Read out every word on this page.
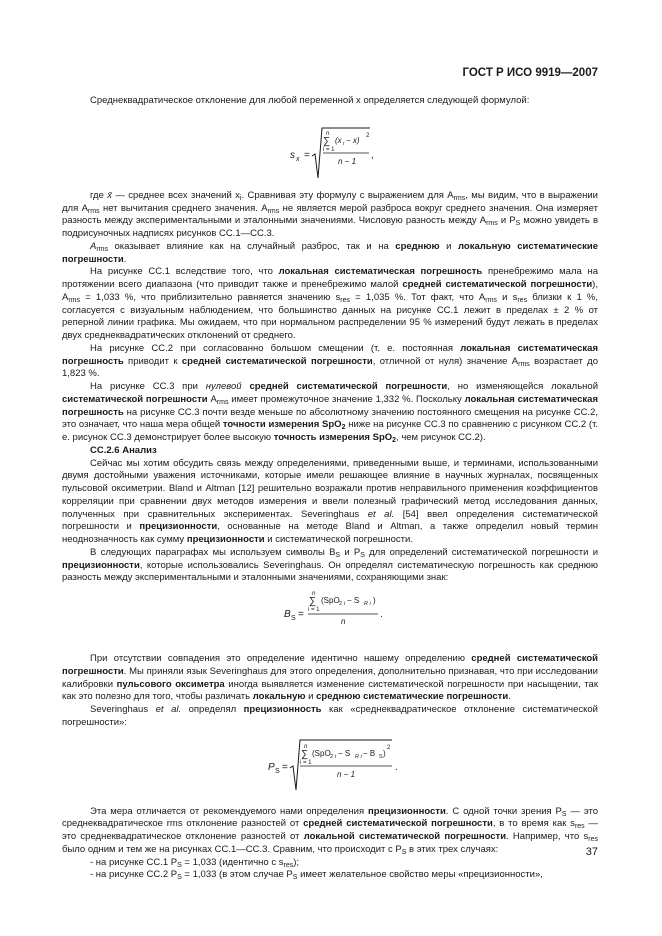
ГОСТ Р ИСО 9919—2007

Среднеквадратическое отклонение для любой переменной x определяется следующей формулой:

s x =
n
∑
i = 1
(x i − x) 2
n − 1
,

где x̄ — среднее всех значений $x_i$. Сравнивая эту формулу с выражением для $A_{rms}$, мы видим, что в выражении для $A_{rms}$ нет вычитания среднего значения. $A_{rms}$ не является мерой разброса вокруг среднего значения. Она измеряет разность между экспериментальными и эталонными значениями. Числовую разность между $A_{rms}$ и $P_S$ можно увидеть в подрисуночных надписях рисунков СС.1—СС.3.

$A_{rms}$ оказывает влияние как на случайный разброс, так и на среднюю и локальную систематические погрешности.

На рисунке СС.1 вследствие того, что локальная систематическая погрешность пренебрежимо мала на протяжении всего диапазона (что приводит также и пренебрежимо малой средней систематической погрешности), $A_{rms} = 1,033$ %, что приблизительно равняется значению $s_{res} = 1,035$ %. Тот факт, что $A_{rms}$ и $s_{res}$ близки к 1 %, согласуется с визуальным наблюдением, что большинство данных на рисунке СС.1 лежит в пределах ± 2 % от реперной линии графика. Мы ожидаем, что при нормальном распределении 95 % измерений будут лежать в пределах двух среднеквадратических отклонений от среднего.

На рисунке СС.2 при согласованно большом смещении (т. е. постоянная локальная систематическая погрешность приводит к средней систематической погрешности, отличной от нуля) значение $A_{rms}$ возрастает до 1,823 %.

На рисунке СС.3 при нулевой средней систематической погрешности, но изменяющейся локальной систематической погрешности $A_{rms}$ имеет промежуточное значение 1,332 %. Поскольку локальная систематическая погрешность на рисунке СС.3 почти везде меньше по абсолютному значению постоянного смещения на рисунке СС.2, это означает, что наша мера общей точности измерения SpO$_2$ ниже на рисунке СС.3 по сравнению с рисунком СС.2 (т. е. рисунок СС.3 демонстрирует более высокую точность измерения SpO$_2$, чем рисунок СС.2).

СС.2.6 Анализ

Сейчас мы хотим обсудить связь между определениями, приведенными выше, и терминами, использованными двумя достойными уважения источниками, которые имели решающее влияние в научных журналах, посвященных пульсовой оксиметрии. Bland и Altman [12] решительно возражали против неправильного применения коэффициентов корреляции при сравнении двух методов измерения и ввели полезный графический метод исследования данных, полученных при сравнительных экспериментах. Severinghaus et al. [54] ввел определения систематической погрешности и прецизионности, основанные на методе Bland и Altman, а также определил новый термин неоднозначность как сумму прецизионности и систематической погрешности.

В следующих параграфах мы используем символы $B_S$ и $P_S$ для определений систематической погрешности и прецизионности, которые использовались Severinghaus. Он определял систематическую погрешность как среднюю разность между экспериментальными и эталонными значениями, сохраняющими знак:

B S =
n
∑
i = 1
(SpO 2 i − S R i )
n
.

При отсутствии совпадения это определение идентично нашему определению средней систематической погрешности. Мы приняли язык Severinghaus для этого определения, дополнительно признавая, что при исследовании калибровки пульсового оксиметра иногда выявляется изменение систематической погрешности при насыщении, так как это полезно для того, чтобы различать локальную и среднюю систематические погрешности.

Severinghaus et al. определял прецизионность как «среднеквадратическое отклонение систематической погрешности»:

P S =
n
∑
i = 1
(SpO 2 i − S R i − B S )
2
n − 1
.

Эта мера отличается от рекомендуемого нами определения прецизионности. С одной точки зрения $P_S$ — это среднеквадратическое rms отклонение разностей от средней систематической погрешности, в то время как $s_{res}$ — это среднеквадратическое отклонение разностей от локальной систематической погрешности. Например, что $s_{res}$ было одним и тем же на рисунках СС.1—СС.3. Сравним, что происходит с $P_S$ в этих трех случаях:

- на рисунке СС.1 $P_S = 1,033$ (идентично с $s_{res}$);
- на рисунке СС.2 $P_S = 1,033$ (в этом случае $P_S$ имеет желательное свойство меры «прецизионности»,
37
